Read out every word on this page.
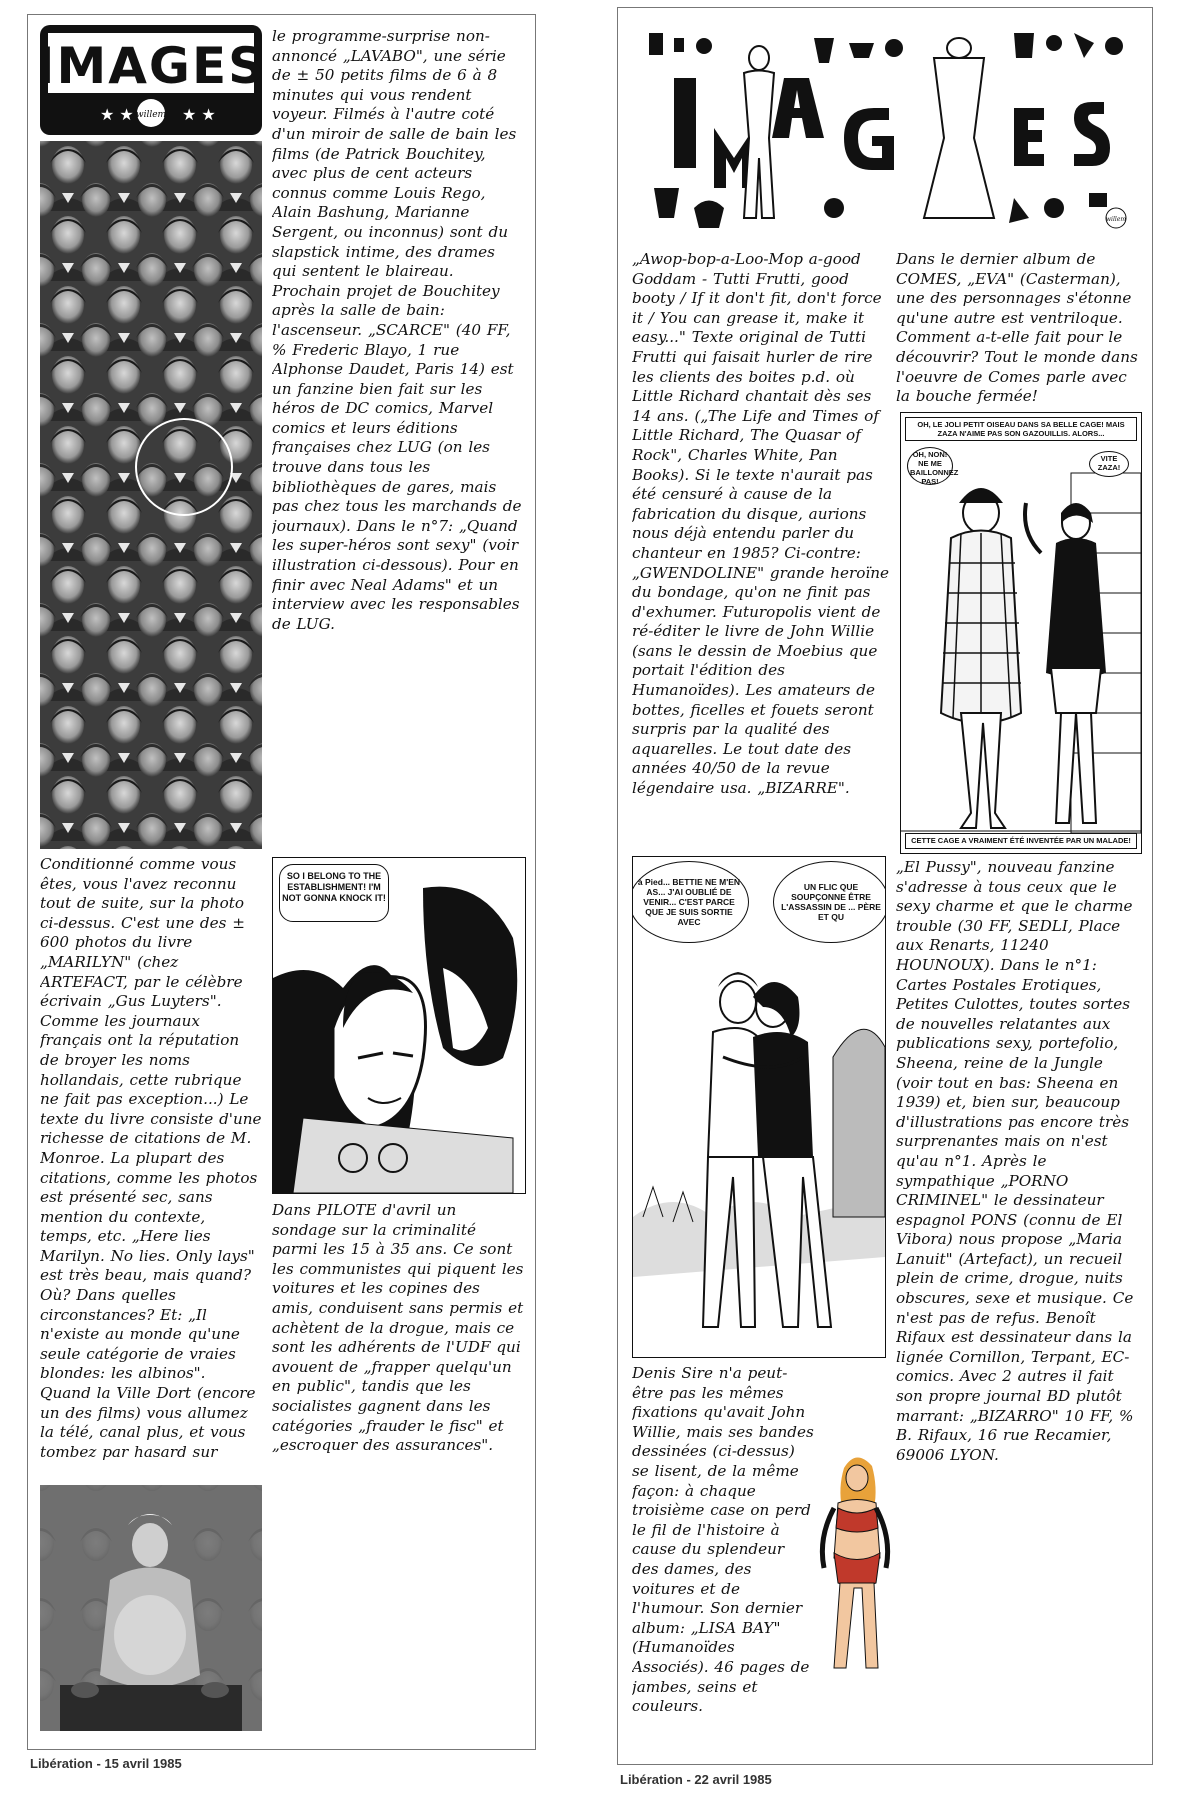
IMAGES
★ ★	★ ★
willem
le programme-surprise non-annoncé „LAVABO", une série de ± 50 petits films de 6 à 8 minutes qui vous rendent voyeur. Filmés à l'autre coté d'un miroir de salle de bain les films (de Patrick Bouchitey, avec plus de cent acteurs connus comme Louis Rego, Alain Bashung, Marianne Sergent, ou inconnus) sont du slapstick intime, des drames qui sentent le blaireau. Prochain projet de Bouchitey après la salle de bain: l'ascenseur. „SCARCE" (40 FF, % Frederic Blayo, 1 rue Alphonse Daudet, Paris 14) est un fanzine bien fait sur les héros de DC comics, Marvel comics et leurs éditions françaises chez LUG (on les trouve dans tous les bibliothèques de gares, mais pas chez tous les marchands de journaux). Dans le n°7: „Quand les super-héros sont sexy" (voir illustration ci-dessous). Pour en finir avec Neal Adams" et un interview avec les responsables de LUG.
Conditionné comme vous êtes, vous l'avez reconnu tout de suite, sur la photo ci-dessus. C'est une des ± 600 photos du livre „MARILYN" (chez ARTEFACT, par le célèbre écrivain „Gus Luyters". Comme les journaux français ont la réputation de broyer les noms hollandais, cette rubrique ne fait pas exception...) Le texte du livre consiste d'une richesse de citations de M. Monroe. La plupart des citations, comme les photos est présenté sec, sans mention du contexte, temps, etc. „Here lies Marilyn. No lies. Only lays" est très beau, mais quand? Où? Dans quelles circonstances? Et: „Il n'existe au monde qu'une seule catégorie de vraies blondes: les albinos". Quand la Ville Dort (encore un des films) vous allumez la télé, canal plus, et vous tombez par hasard sur
SO I BELONG TO THE ESTABLISHMENT! I'M NOT GONNA KNOCK IT!
Dans PILOTE d'avril un sondage sur la criminalité parmi les 15 à 35 ans. Ce sont les communistes qui piquent les voitures et les copines des amis, conduisent sans permis et achètent de la drogue, mais ce sont les adhérents de l'UDF qui avouent de „frapper quelqu'un en public", tandis que les socialistes gagnent dans les catégories „frauder le fisc" et „escroquer des assurances".
Libération - 15 avril 1985
willem
IMAGES
„Awop-bop-a-Loo-Mop a-good Goddam - Tutti Frutti, good booty / If it don't fit, don't force it / You can grease it, make it easy..." Texte original de Tutti Frutti qui faisait hurler de rire les clients des boites p.d. où Little Richard chantait dès ses 14 ans. („The Life and Times of Little Richard, The Quasar of Rock", Charles White, Pan Books). Si le texte n'aurait pas été censuré à cause de la fabrication du disque, aurions nous déjà entendu parler du chanteur en 1985? Ci-contre: „GWENDOLINE" grande heroïne du bondage, qu'on ne finit pas d'exhumer. Futuropolis vient de ré-éditer le livre de John Willie (sans le dessin de Moebius que portait l'édition des Humanoïdes). Les amateurs de bottes, ficelles et fouets seront surpris par la qualité des aquarelles. Le tout date des années 40/50 de la revue légendaire usa. „BIZARRE".
Dans le dernier album de COMES, „EVA" (Casterman), une des personnages s'étonne qu'une autre est ventriloque. Comment a-t-elle fait pour le découvrir? Tout le monde dans l'oeuvre de Comes parle avec la bouche fermée!
OH, LE JOLI PETIT OISEAU DANS SA BELLE CAGE! MAIS ZAZA N'AIME PAS SON GAZOUILLIS. ALORS...
OH, NON! NE ME BAILLONNEZ PAS!
VITE ZAZA!
CETTE CAGE A VRAIMENT ÉTÉ INVENTÉE PAR UN MALADE!
à Pied... BETTIE NE M'EN AS... J'AI OUBLIÉ DE VENIR... C'EST PARCE QUE JE SUIS SORTIE AVEC
UN FLIC QUE SOUPÇONNE ÊTRE L'ASSASSIN DE ... PÈRE ET QU
„El Pussy", nouveau fanzine s'adresse à tous ceux que le sexy charme et que le charme trouble (30 FF, SEDLI, Place aux Renarts, 11240 HOUNOUX). Dans le n°1: Cartes Postales Erotiques, Petites Culottes, toutes sortes de nouvelles relatantes aux publications sexy, portefolio, Sheena, reine de la Jungle (voir tout en bas: Sheena en 1939) et, bien sur, beaucoup d'illustrations pas encore très surprenantes mais on n'est qu'au n°1. Après le sympathique „PORNO CRIMINEL" le dessinateur espagnol PONS (connu de El Vibora) nous propose „Maria Lanuit" (Artefact), un recueil plein de crime, drogue, nuits obscures, sexe et musique. Ce n'est pas de refus. Benoît Rifaux est dessinateur dans la lignée Cornillon, Terpant, EC-comics. Avec 2 autres il fait son propre journal BD plutôt marrant: „BIZARRO" 10 FF, % B. Rifaux, 16 rue Recamier, 69006 LYON.
Denis Sire n'a peut-être pas les mêmes fixations qu'avait John Willie, mais ses bandes dessinées (ci-dessus) se lisent, de la même façon: à chaque troisième case on perd le fil de l'histoire à cause du splendeur des dames, des voitures et de l'humour. Son dernier album: „LISA BAY" (Humanoïdes Associés). 46 pages de jambes, seins et couleurs.
Libération - 22 avril 1985
